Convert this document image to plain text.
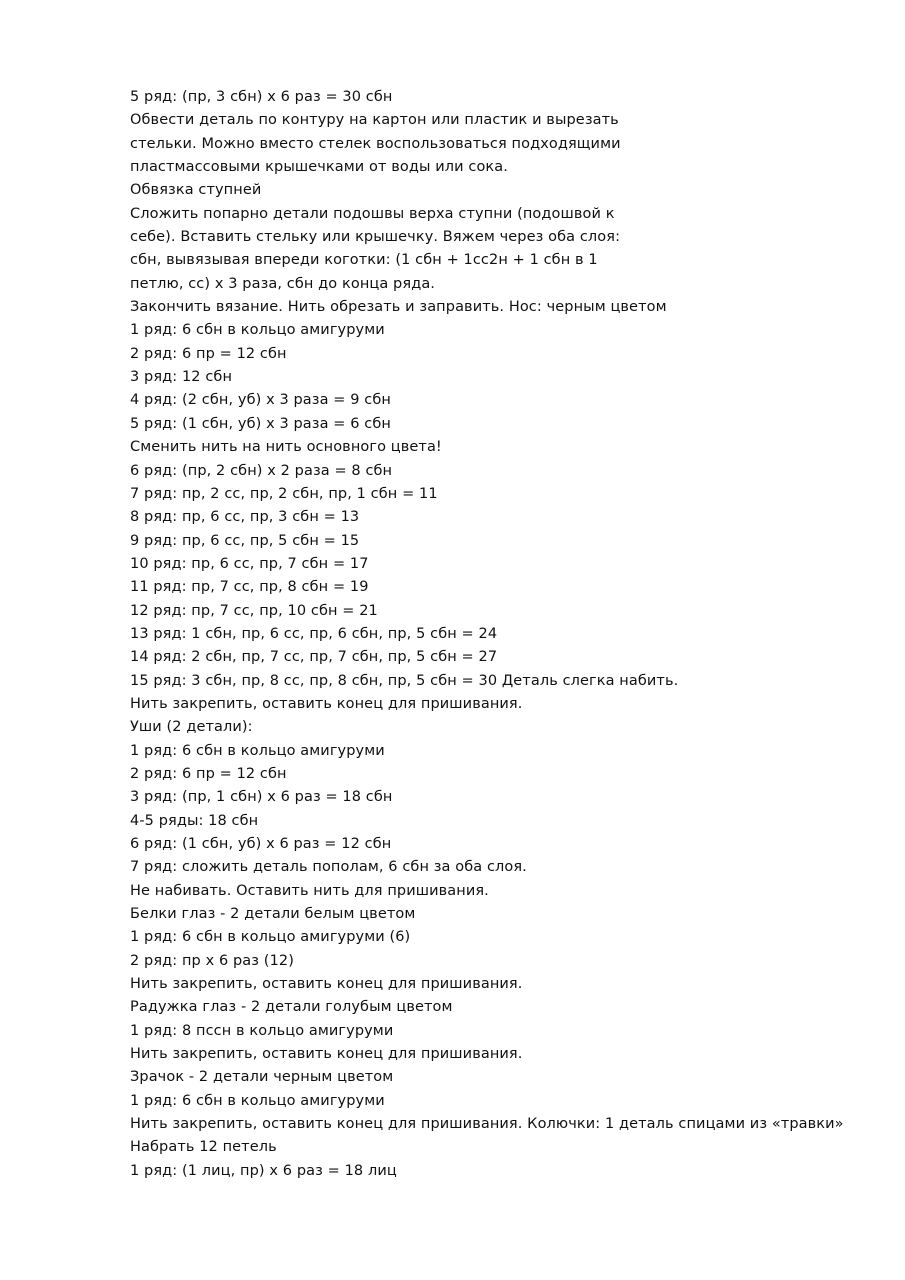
5 ряд: (пр, 3 сбн) х 6 раз = 30 сбн
Обвести деталь по контуру на картон или пластик и вырезать
стельки. Можно вместо стелек воспользоваться подходящими
пластмассовыми крышечками от воды или сока.
Обвязка ступней
Сложить попарно детали подошвы верха ступни (подошвой к
себе). Вставить стельку или крышечку. Вяжем через оба слоя:
сбн, вывязывая впереди коготки: (1 сбн + 1сс2н + 1 сбн в 1
петлю, сс) х 3 раза, сбн до конца ряда.
Закончить вязание. Нить обрезать и заправить. Нос: черным цветом
1 ряд: 6 сбн в кольцо амигуруми
2 ряд: 6 пр = 12 сбн
3 ряд: 12 сбн
4 ряд: (2 сбн, уб) х 3 раза = 9 сбн
5 ряд: (1 сбн, уб) х 3 раза = 6 сбн
Сменить нить на нить основного цвета!
6 ряд: (пр, 2 сбн) х 2 раза = 8 сбн
7 ряд: пр, 2 сс, пр, 2 сбн, пр, 1 сбн = 11
8 ряд: пр, 6 сс, пр, 3 сбн = 13
9 ряд: пр, 6 сс, пр, 5 сбн = 15
10 ряд: пр, 6 сс, пр, 7 сбн = 17
11 ряд: пр, 7 сс, пр, 8 сбн = 19
12 ряд: пр, 7 сс, пр, 10 сбн = 21
13 ряд: 1 сбн, пр, 6 сс, пр, 6 сбн, пр, 5 сбн = 24
14 ряд: 2 сбн, пр, 7 сс, пр, 7 сбн, пр, 5 сбн = 27
15 ряд: 3 сбн, пр, 8 сс, пр, 8 сбн, пр, 5 сбн = 30 Деталь слегка набить.
Нить закрепить, оставить конец для пришивания.
Уши (2 детали):
1 ряд: 6 сбн в кольцо амигуруми
2 ряд: 6 пр = 12 сбн
3 ряд: (пр, 1 сбн) х 6 раз = 18 сбн
4-5 ряды: 18 сбн
6 ряд: (1 сбн, уб) х 6 раз = 12 сбн
7 ряд: сложить деталь пополам, 6 сбн за оба слоя.
Не набивать. Оставить нить для пришивания.
Белки глаз - 2 детали белым цветом
1 ряд: 6 сбн в кольцо амигуруми (6)
2 ряд: пр х 6 раз (12)
Нить закрепить, оставить конец для пришивания.
Радужка глаз - 2 детали голубым цветом
1 ряд: 8 пссн в кольцо амигуруми
Нить закрепить, оставить конец для пришивания.
Зрачок - 2 детали черным цветом
1 ряд: 6 сбн в кольцо амигуруми
Нить закрепить, оставить конец для пришивания. Колючки: 1 деталь спицами из «травки»
Набрать 12 петель
1 ряд: (1 лиц, пр) х 6 раз = 18 лиц
